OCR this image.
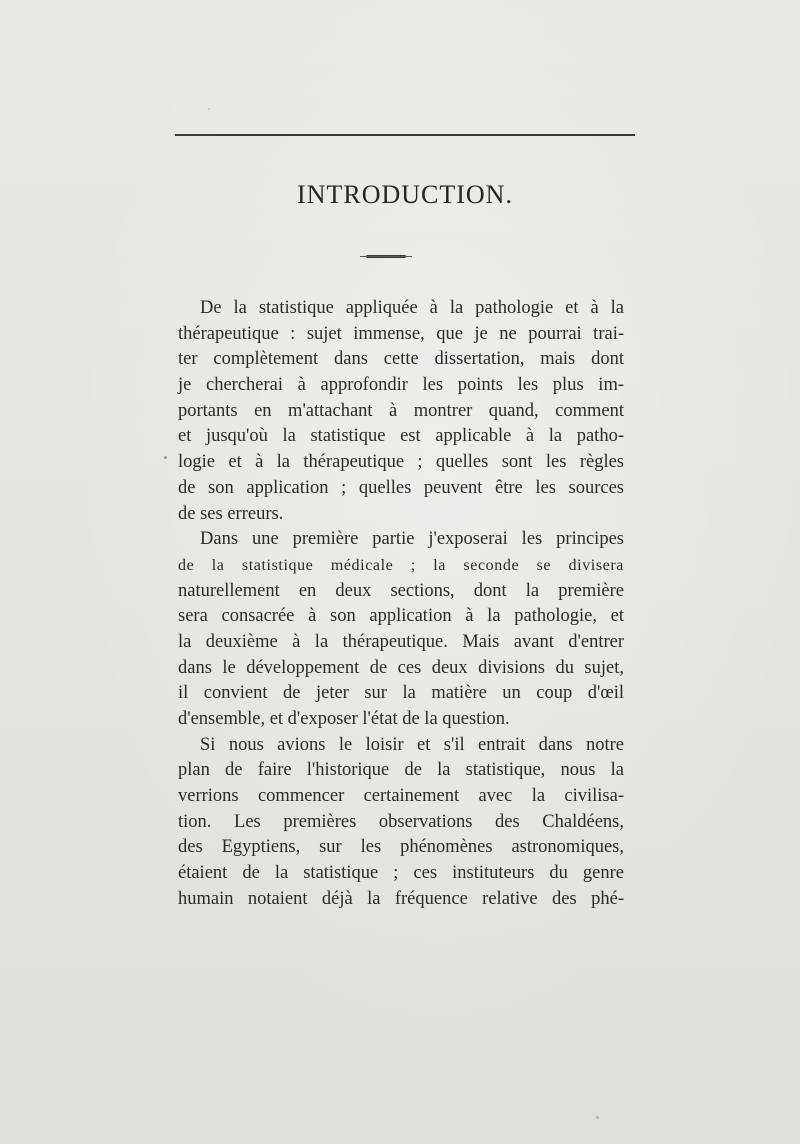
INTRODUCTION.
De la statistique appliquée à la pathologie et à la
thérapeutique : sujet immense, que je ne pourrai trai-
ter complètement dans cette dissertation, mais dont
je chercherai à approfondir les points les plus im-
portants en m'attachant à montrer quand, comment
et jusqu'où la statistique est applicable à la patho-
logie et à la thérapeutique ; quelles sont les règles
de son application ; quelles peuvent être les sources
de ses erreurs.
Dans une première partie j'exposerai les principes
de la statistique médicale ; la seconde se divisera
naturellement en deux sections, dont la première
sera consacrée à son application à la pathologie, et
la deuxième à la thérapeutique. Mais avant d'entrer
dans le développement de ces deux divisions du sujet,
il convient de jeter sur la matière un coup d'œil
d'ensemble, et d'exposer l'état de la question.
Si nous avions le loisir et s'il entrait dans notre
plan de faire l'historique de la statistique, nous la
verrions commencer certainement avec la civilisa-
tion. Les premières observations des Chaldéens,
des Egyptiens, sur les phénomènes astronomiques,
étaient de la statistique ; ces instituteurs du genre
humain notaient déjà la fréquence relative des phé-
